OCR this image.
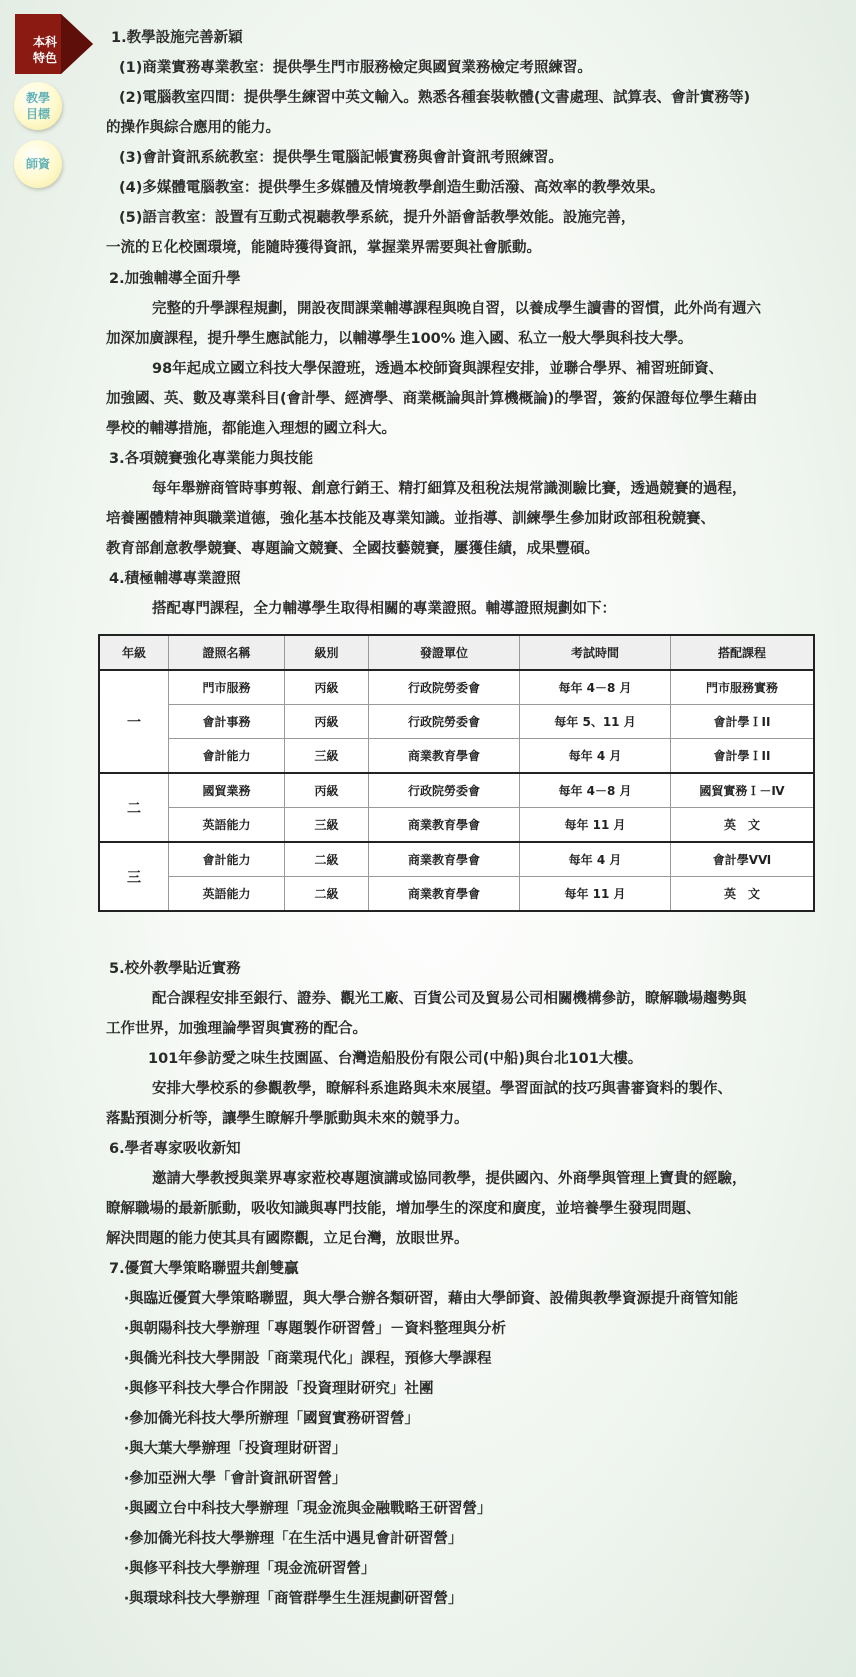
本科
特色
教學目標
師資
1.教學設施完善新穎
(1)商業實務專業教室：提供學生門市服務檢定與國貿業務檢定考照練習。
(2)電腦教室四間：提供學生練習中英文輸入。熟悉各種套裝軟體(文書處理、試算表、會計實務等)
的操作與綜合應用的能力。
(3)會計資訊系統教室：提供學生電腦記帳實務與會計資訊考照練習。
(4)多媒體電腦教室：提供學生多媒體及情境教學創造生動活潑、高效率的教學效果。
(5)語言教室：設置有互動式視聽教學系統，提升外語會話教學效能。設施完善，
一流的Ｅ化校園環境，能隨時獲得資訊，掌握業界需要與社會脈動。
2.加強輔導全面升學
完整的升學課程規劃，開設夜間課業輔導課程與晚自習，以養成學生讀書的習慣，此外尚有週六
加深加廣課程，提升學生應試能力，以輔導學生100% 進入國、私立一般大學與科技大學。
98年起成立國立科技大學保證班，透過本校師資與課程安排，並聯合學界、補習班師資、
加強國、英、數及專業科目(會計學、經濟學、商業概論與計算機概論)的學習，簽約保證每位學生藉由
學校的輔導措施，都能進入理想的國立科大。
3.各項競賽強化專業能力與技能
每年舉辦商管時事剪報、創意行銷王、精打細算及租稅法規常識測驗比賽，透過競賽的過程，
培養團體精神與職業道德，強化基本技能及專業知識。並指導、訓練學生參加財政部租稅競賽、
教育部創意教學競賽、專題論文競賽、全國技藝競賽，屢獲佳績，成果豐碩。
4.積極輔導專業證照
搭配專門課程，全力輔導學生取得相關的專業證照。輔導證照規劃如下：
年級	證照名稱	級別	發證單位	考試時間	搭配課程
一	門市服務	丙級	行政院勞委會	每年 4－8 月	門市服務實務
	會計事務	丙級	行政院勞委會	每年 5、11 月	會計學ＩII
	會計能力	三級	商業教育學會	每年 4 月	會計學ＩII
二	國貿業務	丙級	行政院勞委會	每年 4－8 月	國貿實務Ｉ－Ⅳ
	英語能力	三級	商業教育學會	每年 11 月	英　文
三	會計能力	二級	商業教育學會	每年 4 月	會計學ⅤⅥ
	英語能力	二級	商業教育學會	每年 11 月	英　文
5.校外教學貼近實務
配合課程安排至銀行、證券、觀光工廠、百貨公司及貿易公司相關機構參訪，瞭解職場趨勢與
工作世界，加強理論學習與實務的配合。
101年參訪愛之味生技園區、台灣造船股份有限公司(中船)與台北101大樓。
安排大學校系的參觀教學，瞭解科系進路與未來展望。學習面試的技巧與書審資料的製作、
落點預測分析等，讓學生瞭解升學脈動與未來的競爭力。
6.學者專家吸收新知
邀請大學教授與業界專家蒞校專題演講或協同教學，提供國內、外商學與管理上寶貴的經驗，
瞭解職場的最新脈動，吸收知識與專門技能，增加學生的深度和廣度，並培養學生發現問題、
解決問題的能力使其具有國際觀，立足台灣，放眼世界。
7.優質大學策略聯盟共創雙贏
‧與臨近優質大學策略聯盟，與大學合辦各類研習，藉由大學師資、設備與教學資源提升商管知能
‧與朝陽科技大學辦理「專題製作研習營」－資料整理與分析
‧與僑光科技大學開設「商業現代化」課程，預修大學課程
‧與修平科技大學合作開設「投資理財研究」社團
‧參加僑光科技大學所辦理「國貿實務研習營」
‧與大葉大學辦理「投資理財研習」
‧參加亞洲大學「會計資訊研習營」
‧與國立台中科技大學辦理「現金流與金融戰略王研習營」
‧參加僑光科技大學辦理「在生活中遇見會計研習營」
‧與修平科技大學辦理「現金流研習營」
‧與環球科技大學辦理「商管群學生生涯規劃研習營」
